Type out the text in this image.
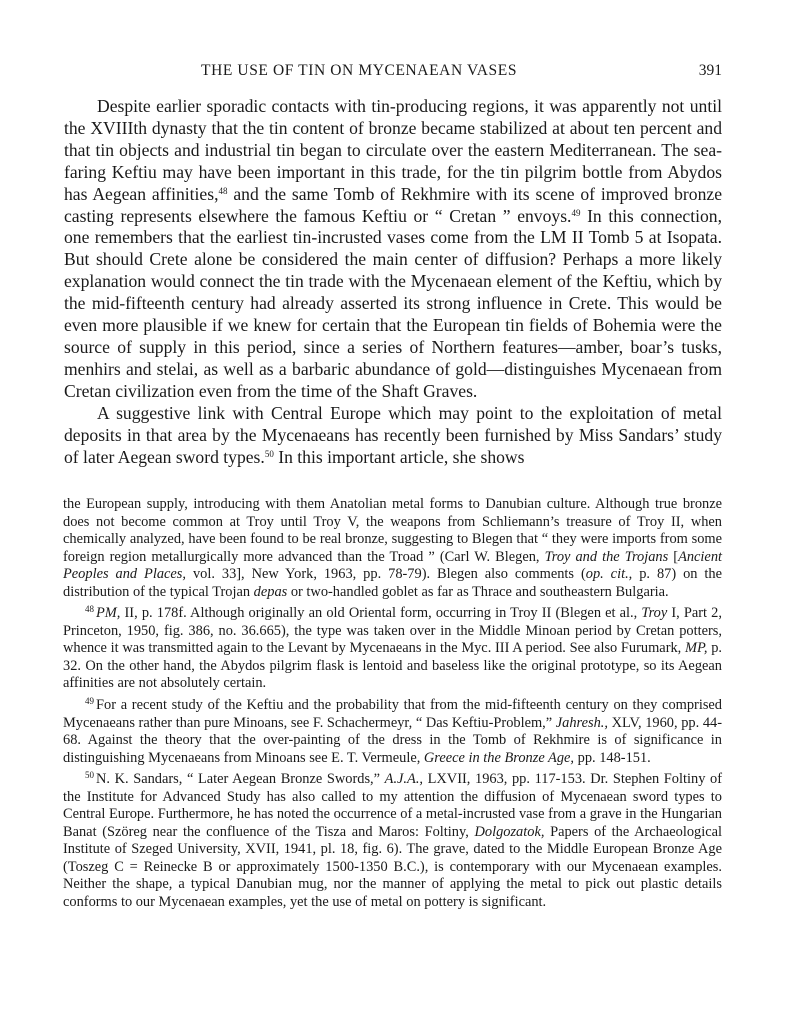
THE USE OF TIN ON MYCENAEAN VASES	391

Despite earlier sporadic contacts with tin-producing regions, it was apparently not until the XVIIIth dynasty that the tin content of bronze became stabilized at about ten percent and that tin objects and industrial tin began to circulate over the eastern Mediterranean. The sea-faring Keftiu may have been important in this trade, for the tin pilgrim bottle from Abydos has Aegean affinities,$^{48}$ and the same Tomb of Rekhmire with its scene of improved bronze casting represents elsewhere the famous Keftiu or “ Cretan ” envoys.$^{49}$ In this connection, one remembers that the earliest tin-incrusted vases come from the LM II Tomb 5 at Isopata. But should Crete alone be considered the main center of diffusion? Perhaps a more likely explanation would connect the tin trade with the Mycenaean element of the Keftiu, which by the mid-fifteenth century had already asserted its strong influence in Crete. This would be even more plausible if we knew for certain that the European tin fields of Bohemia were the source of supply in this period, since a series of Northern features—amber, boar’s tusks, menhirs and stelai, as well as a barbaric abundance of gold—distinguishes Mycenaean from Cretan civilization even from the time of the Shaft Graves.

A suggestive link with Central Europe which may point to the exploitation of metal deposits in that area by the Mycenaeans has recently been furnished by Miss Sandars’ study of later Aegean sword types.$^{50}$ In this important article, she shows

the European supply, introducing with them Anatolian metal forms to Danubian culture. Although true bronze does not become common at Troy until Troy V, the weapons from Schliemann’s treasure of Troy II, when chemically analyzed, have been found to be real bronze, suggesting to Blegen that “ they were imports from some foreign region metallurgically more advanced than the Troad ” (Carl W. Blegen, Troy and the Trojans [Ancient Peoples and Places, vol. 33], New York, 1963, pp. 78-79). Blegen also comments (op. cit., p. 87) on the distribution of the typical Trojan depas or two-handled goblet as far as Thrace and southeastern Bulgaria.

$^{48}$ PM, II, p. 178f. Although originally an old Oriental form, occurring in Troy II (Blegen et al., Troy I, Part 2, Princeton, 1950, fig. 386, no. 36.665), the type was taken over in the Middle Minoan period by Cretan potters, whence it was transmitted again to the Levant by Mycenaeans in the Myc. III A period. See also Furumark, MP, p. 32. On the other hand, the Abydos pilgrim flask is lentoid and baseless like the original prototype, so its Aegean affinities are not absolutely certain.

$^{49}$ For a recent study of the Keftiu and the probability that from the mid-fifteenth century on they comprised Mycenaeans rather than pure Minoans, see F. Schachermeyr, “ Das Keftiu-Problem,” Jahresh., XLV, 1960, pp. 44-68. Against the theory that the over-painting of the dress in the Tomb of Rekhmire is of significance in distinguishing Mycenaeans from Minoans see E. T. Vermeule, Greece in the Bronze Age, pp. 148-151.

$^{50}$ N. K. Sandars, “ Later Aegean Bronze Swords,” A.J.A., LXVII, 1963, pp. 117-153. Dr. Stephen Foltiny of the Institute for Advanced Study has also called to my attention the diffusion of Mycenaean sword types to Central Europe. Furthermore, he has noted the occurrence of a metal-incrusted vase from a grave in the Hungarian Banat (Szöreg near the confluence of the Tisza and Maros: Foltiny, Dolgozatok, Papers of the Archaeological Institute of Szeged University, XVII, 1941, pl. 18, fig. 6). The grave, dated to the Middle European Bronze Age (Toszeg C = Reinecke B or approximately 1500-1350 B.C.), is contemporary with our Mycenaean examples. Neither the shape, a typical Danubian mug, nor the manner of applying the metal to pick out plastic details conforms to our Mycenaean examples, yet the use of metal on pottery is significant.
